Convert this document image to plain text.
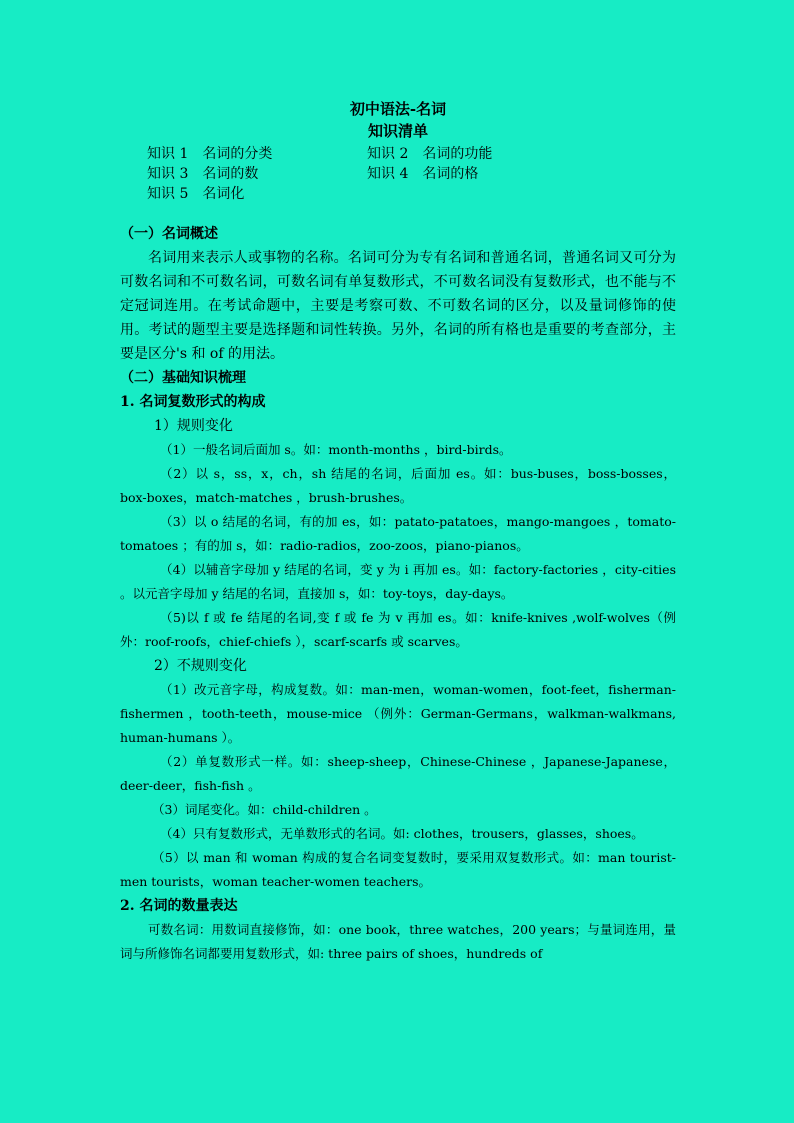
初中语法-名词
知识清单
知识 1　名词的分类	知识 2　名词的功能
知识 3　名词的数	知识 4　名词的格
知识 5　名词化
（一）名词概述
名词用来表示人或事物的名称。名词可分为专有名词和普通名词，普通名词又可分为可数名词和不可数名词，可数名词有单复数形式，不可数名词没有复数形式，也不能与不定冠词连用。在考试命题中，主要是考察可数、不可数名词的区分，以及量词修饰的使用。考试的题型主要是选择题和词性转换。另外，名词的所有格也是重要的考查部分，主要是区分's 和 of 的用法。
（二）基础知识梳理
1. 名词复数形式的构成
1）规则变化
（1）一般名词后面加 s。如：month-months ，bird-birds。
（2）以 s，ss，x，ch，sh 结尾的名词，后面加 es。如：bus-buses，boss-bosses，box-boxes，match-matches ，brush-brushes。
（3）以 o 结尾的名词，有的加 es，如：patato-patatoes，mango-mangoes ，tomato-tomatoes ；有的加 s，如：radio-radios，zoo-zoos，piano-pianos。
（4）以辅音字母加 y 结尾的名词，变 y 为 i 再加 es。如：factory-factories ，city-cities 。以元音字母加 y 结尾的名词，直接加 s，如：toy-toys，day-days。
（5)以 f 或 fe 结尾的名词,变 f 或 fe 为 v 再加 es。如：knife-knives ,wolf-wolves（例外：roof-roofs，chief-chiefs ），scarf-scarfs 或 scarves。
2）不规则变化
（1）改元音字母，构成复数。如：man-men，woman-women，foot-feet，fisherman-fishermen ，tooth-teeth，mouse-mice （例外：German-Germans，walkman-walkmans, human-humans ）。
（2）单复数形式一样。如：sheep-sheep，Chinese-Chinese ，Japanese-Japanese，deer-deer，fish-fish 。
（3）词尾变化。如：child-children 。
（4）只有复数形式，无单数形式的名词。如: clothes，trousers，glasses，shoes。
（5）以 man 和 woman 构成的复合名词变复数时，要采用双复数形式。如：man tourist-men tourists，woman teacher-women teachers。
2. 名词的数量表达
可数名词：用数词直接修饰，如：one book，three watches，200 years；与量词连用，量词与所修饰名词都要用复数形式，如: three pairs of shoes，hundreds of
